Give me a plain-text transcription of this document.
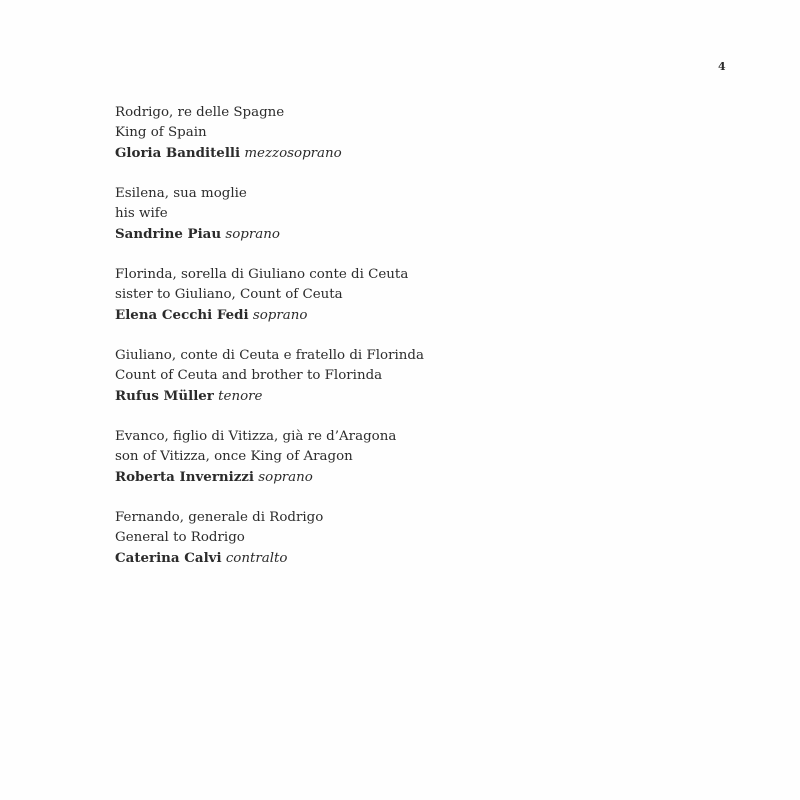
4
Rodrigo, re delle Spagne
King of Spain
Gloria Banditelli mezzosoprano
Esilena, sua moglie
his wife
Sandrine Piau soprano
Florinda, sorella di Giuliano conte di Ceuta
sister to Giuliano, Count of Ceuta
Elena Cecchi Fedi soprano
Giuliano, conte di Ceuta e fratello di Florinda
Count of Ceuta and brother to Florinda
Rufus Müller tenore
Evanco, figlio di Vitizza, già re d’Aragona
son of Vitizza, once King of Aragon
Roberta Invernizzi soprano
Fernando, generale di Rodrigo
General to Rodrigo
Caterina Calvi contralto
